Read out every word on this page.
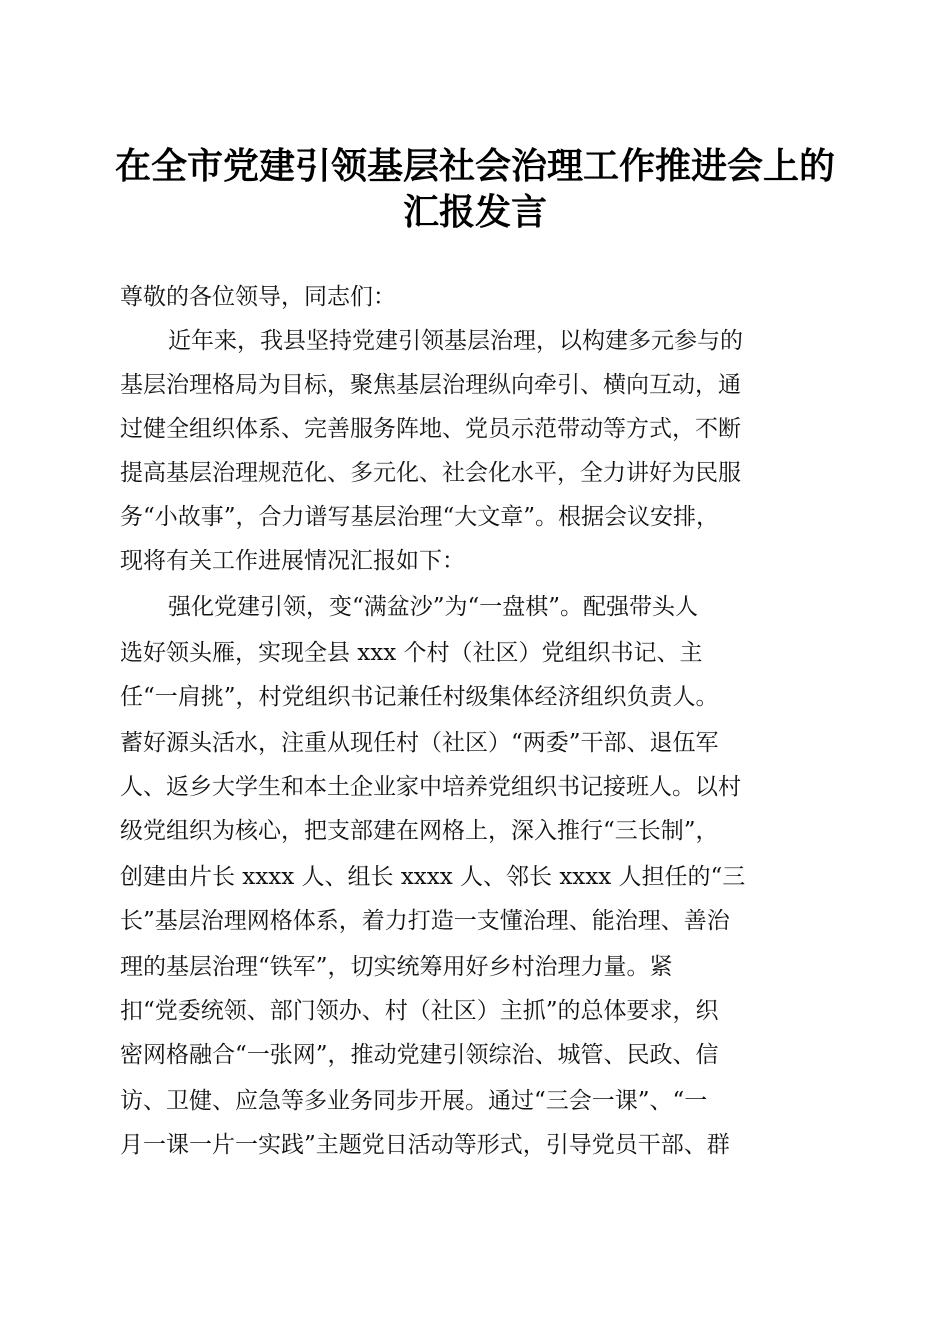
在全市党建引领基层社会治理工作推进会上的
汇报发言

尊敬的各位领导，同志们：

近年来，我县坚持党建引领基层治理，以构建多元参与的

基层治理格局为目标，聚焦基层治理纵向牵引、横向互动，通

过健全组织体系、完善服务阵地、党员示范带动等方式，不断

提高基层治理规范化、多元化、社会化水平，全力讲好为民服

务“小故事”，合力谱写基层治理“大文章”。根据会议安排，

现将有关工作进展情况汇报如下：

强化党建引领，变“满盆沙”为“一盘棋”。配强带头人

选好领头雁，实现全县 xxx 个村（社区）党组织书记、主

任“一肩挑”，村党组织书记兼任村级集体经济组织负责人。

蓄好源头活水，注重从现任村（社区）“两委”干部、退伍军

人、返乡大学生和本土企业家中培养党组织书记接班人。以村

级党组织为核心，把支部建在网格上，深入推行“三长制”，

创建由片长 xxxx 人、组长 xxxx 人、邻长 xxxx 人担任的“三

长”基层治理网格体系，着力打造一支懂治理、能治理、善治

理的基层治理“铁军”，切实统筹用好乡村治理力量。紧

扣“党委统领、部门领办、村（社区）主抓”的总体要求，织

密网格融合“一张网”，推动党建引领综治、城管、民政、信

访、卫健、应急等多业务同步开展。通过“三会一课”、“一

月一课一片一实践”主题党日活动等形式，引导党员干部、群
